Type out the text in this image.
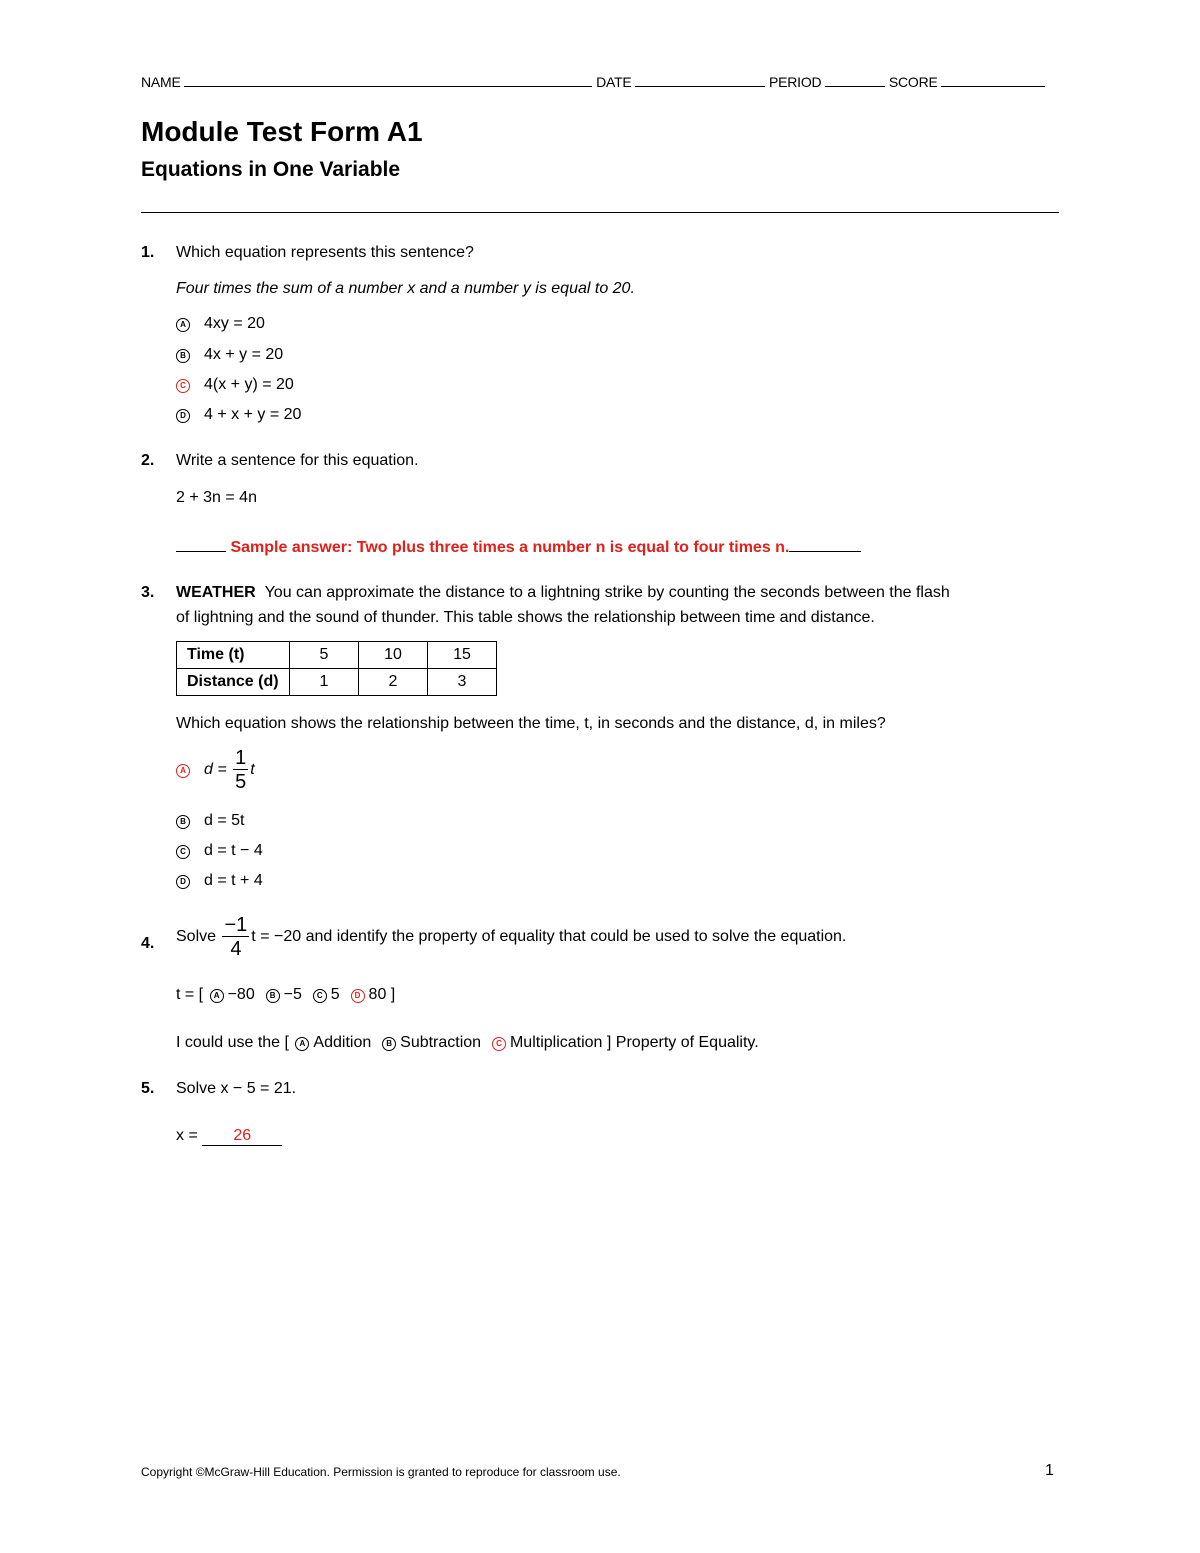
NAME	DATE	PERIOD	SCORE
Module Test Form A1
Equations in One Variable
1. Which equation represents this sentence?
Four times the sum of a number x and a number y is equal to 20.
A 4xy = 20
B 4x + y = 20
C 4(x + y) = 20
D 4 + x + y = 20
2. Write a sentence for this equation.
2 + 3n = 4n
Sample answer: Two plus three times a number n is equal to four times n.
3. WEATHER You can approximate the distance to a lightning strike by counting the seconds between the flash
of lightning and the sound of thunder. This table shows the relationship between time and distance.
Time (t)	5	10	15
Distance (d)	1	2	3
Which equation shows the relationship between the time, t, in seconds and the distance, d, in miles?
A $d = \frac{1}{5}$ t
B d = 5t
C d = t − 4
D d = t + 4
4. Solve $\frac{-1}{4}$ t = −20 and identify the property of equality that could be used to solve the equation.
t = [ A −80 B −5 C 5 D 80 ]
I could use the [ A Addition B Subtraction C Multiplication ] Property of Equality.
5. Solve x − 5 = 21.
x = 26
Copyright ©McGraw-Hill Education. Permission is granted to reproduce for classroom use.	1
